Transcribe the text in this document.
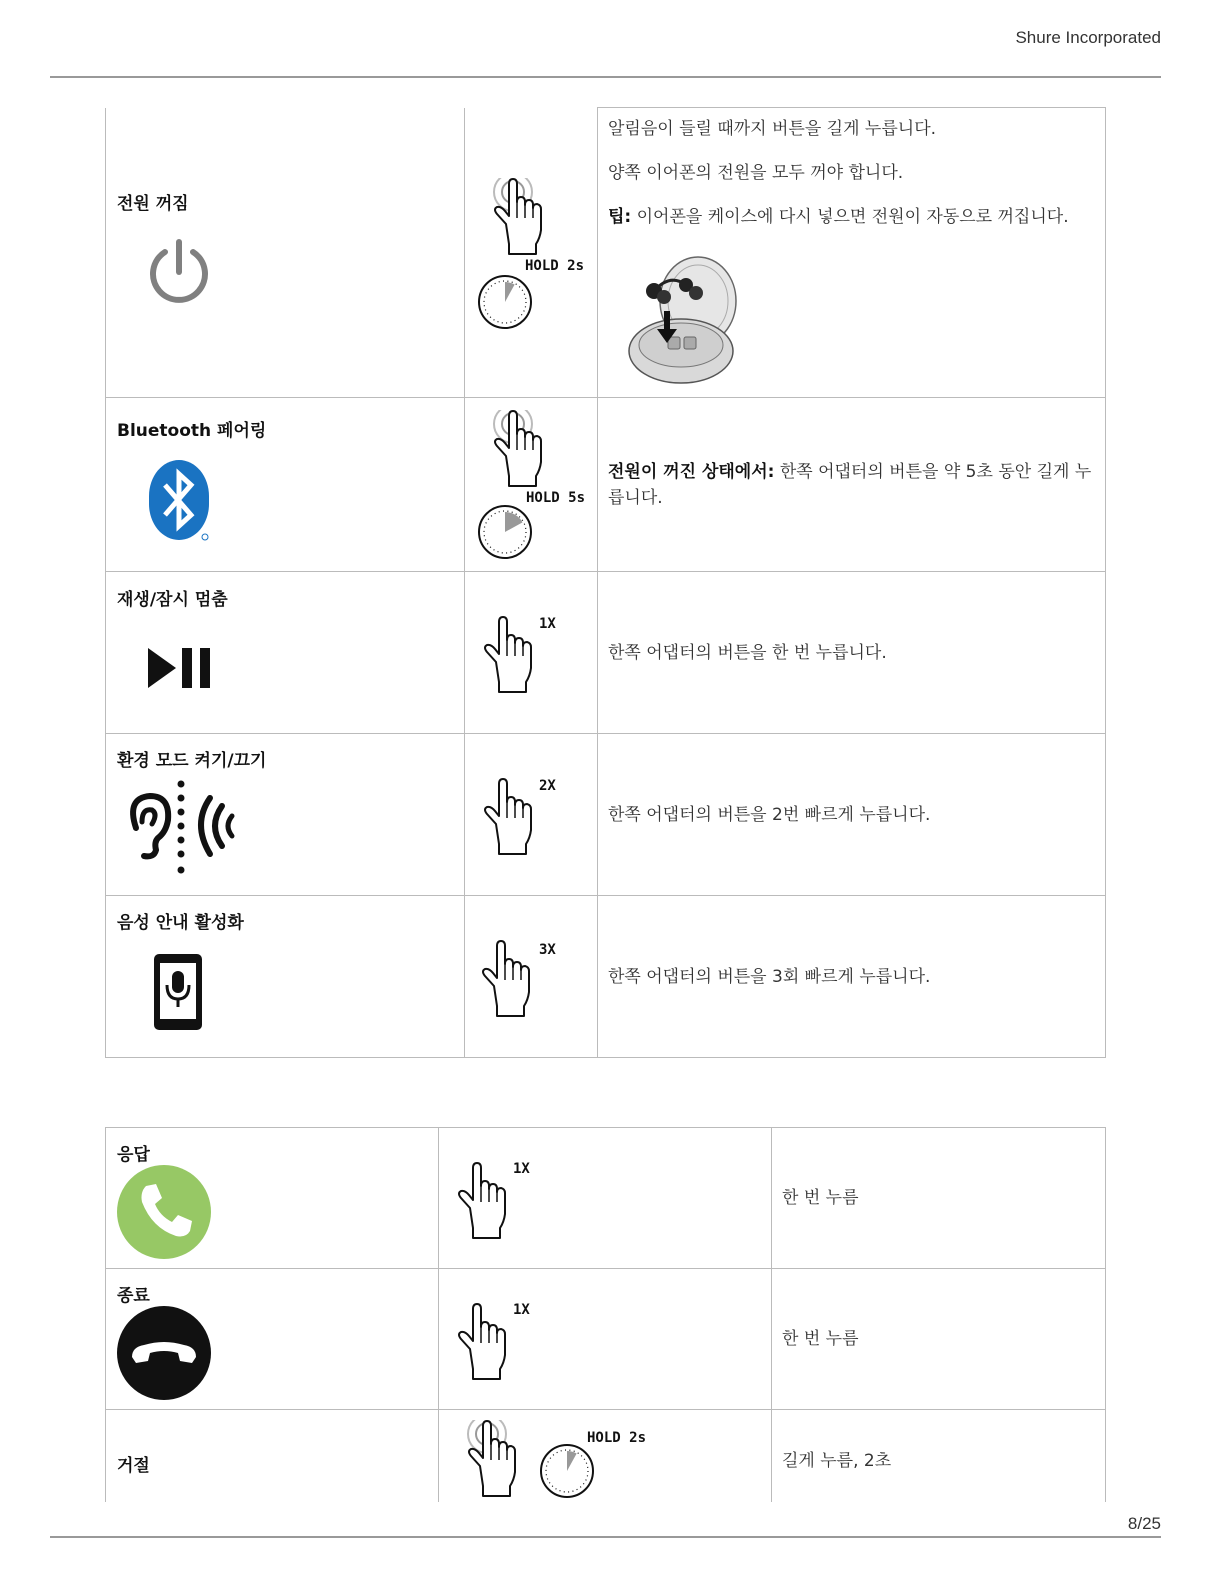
Shure Incorporated
전원 꺼짐	HOLD 2s	알림음이 들릴 때까지 버튼을 길게 누릅니다.
양쪽 이어폰의 전원을 모두 꺼야 합니다.
팁: 이어폰을 케이스에 다시 넣으면 전원이 자동으로 꺼집니다.

Bluetooth 페어링	HOLD 5s	전원이 꺼진 상태에서: 한쪽 어댑터의 버튼을 약 5초 동안 길게 누릅니다.

재생/잠시 멈춤	1X	한쪽 어댑터의 버튼을 한 번 누릅니다.

환경 모드 켜기/끄기	2X	한쪽 어댑터의 버튼을 2번 빠르게 누릅니다.

음성 안내 활성화	3X	한쪽 어댑터의 버튼을 3회 빠르게 누릅니다.
응답	1X	한 번 누름

종료	1X	한 번 누름

거절	HOLD 2s	길게 누름, 2초
8/25
